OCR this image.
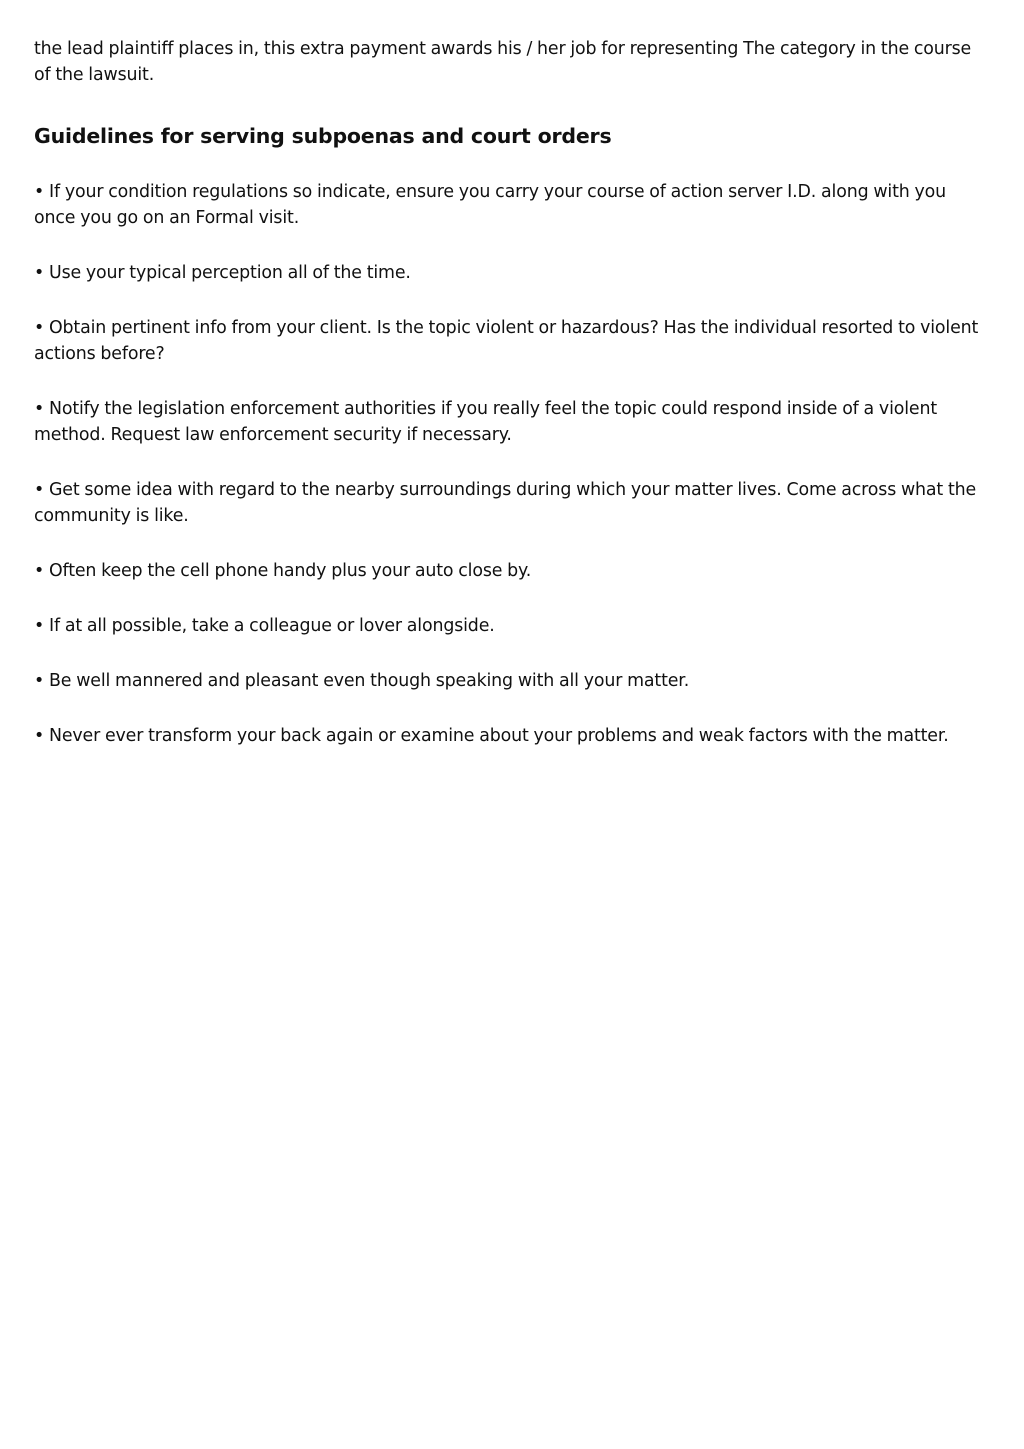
the lead plaintiff places in, this extra payment awards his / her job for representing The category in the course of the lawsuit.

Guidelines for serving subpoenas and court orders
• If your condition regulations so indicate, ensure you carry your course of action server I.D. along with you once you go on an Formal visit.
• Use your typical perception all of the time.
• Obtain pertinent info from your client. Is the topic violent or hazardous? Has the individual resorted to violent actions before?
• Notify the legislation enforcement authorities if you really feel the topic could respond inside of a violent method. Request law enforcement security if necessary.
• Get some idea with regard to the nearby surroundings during which your matter lives. Come across what the community is like.
• Often keep the cell phone handy plus your auto close by.
• If at all possible, take a colleague or lover alongside.
• Be well mannered and pleasant even though speaking with all your matter.
• Never ever transform your back again or examine about your problems and weak factors with the matter.
